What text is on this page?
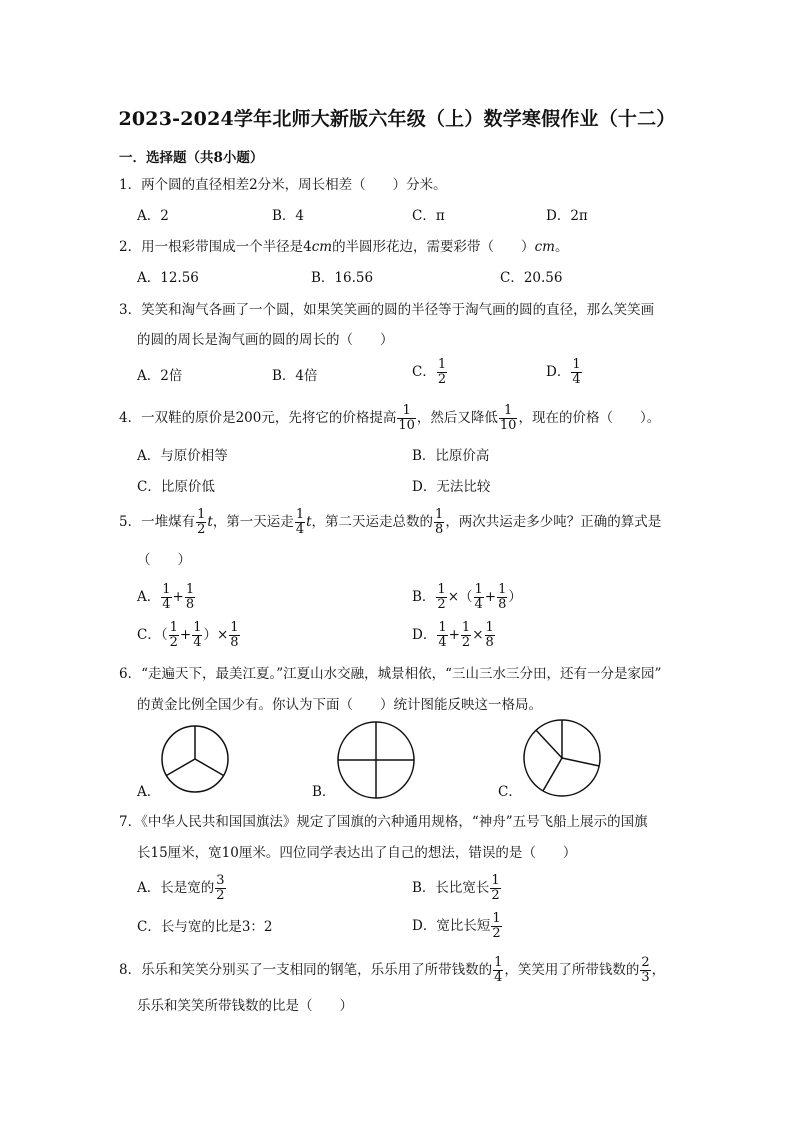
2023-2024学年北师大新版六年级（上）数学寒假作业（十二）
一．选择题（共8小题）
1．两个圆的直径相差2分米，周长相差（　　）分米。
A．2	B．4	C．π	D．2π
2．用一根彩带围成一个半径是4cm的半圆形花边，需要彩带（　　）cm。
A．12.56	B．16.56	C．20.56
3．笑笑和淘气各画了一个圆，如果笑笑画的圆的半径等于淘气画的圆的直径，那么笑笑画
的圆的周长是淘气画的圆的周长的（　　）
A．2倍	B．4倍	C． $\frac{1}{2}$	D． $\frac{1}{4}$
4．一双鞋的原价是200元，先将它的价格提高 $\frac{1}{10}$ ，然后又降低 $\frac{1}{10}$ ，现在的价格（　　）。
A．与原价相等	B．比原价高
C．比原价低	D．无法比较
5．一堆煤有 $\frac{1}{2}$ t，第一天运走 $\frac{1}{4}$ t，第二天运走总数的 $\frac{1}{8}$ ，两次共运走多少吨？正确的算式是
（　　）
A． $\frac{1}{4} + \frac{1}{8}$	B． $\frac{1}{2}$ ×（ $\frac{1}{4} + \frac{1}{8}$ ）
C．（ $\frac{1}{2} + \frac{1}{4}$ ）× $\frac{1}{8}$	D． $\frac{1}{4} + \frac{1}{2} \times \frac{1}{8}$
6．“走遍天下，最美江夏。”江夏山水交融，城景相依，“三山三水三分田，还有一分是家园”
的黄金比例全国少有。你认为下面（　　）统计图能反映这一格局。
A．	B．	C．
7．《中华人民共和国国旗法》规定了国旗的六种通用规格，“神舟”五号飞船上展示的国旗
长15厘米，宽10厘米。四位同学表达出了自己的想法，错误的是（　　）
A．长是宽的 $\frac{3}{2}$	B．长比宽长 $\frac{1}{2}$
C．长与宽的比是3：2	D．宽比长短 $\frac{1}{2}$
8．乐乐和笑笑分别买了一支相同的钢笔，乐乐用了所带钱数的 $\frac{1}{4}$ ，笑笑用了所带钱数的 $\frac{2}{3}$ ，
乐乐和笑笑所带钱数的比是（　　）
